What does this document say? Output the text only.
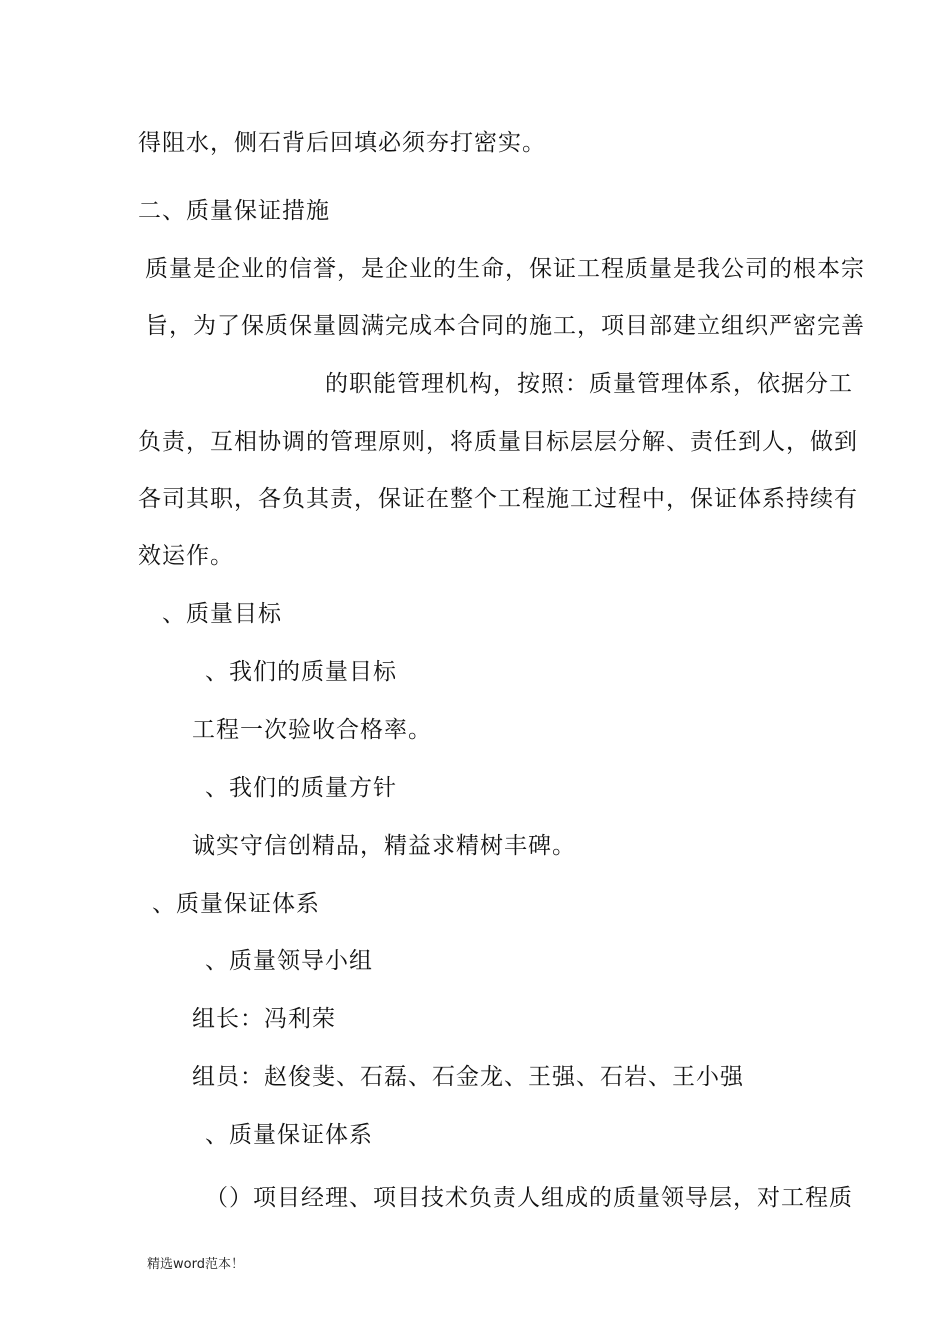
得阻水，侧石背后回填必须夯打密实。
二、质量保证措施
质量是企业的信誉，是企业的生命，保证工程质量是我公司的根本宗
旨，为了保质保量圆满完成本合同的施工，项目部建立组织严密完善
的职能管理机构，按照：质量管理体系，依据分工
负责，互相协调的管理原则，将质量目标层层分解、责任到人，做到
各司其职，各负其责，保证在整个工程施工过程中，保证体系持续有
效运作。
、质量目标
、我们的质量目标
工程一次验收合格率。
、我们的质量方针
诚实守信创精品，精益求精树丰碑。
、质量保证体系
、质量领导小组
组长：冯利荣
组员：赵俊斐、石磊、石金龙、王强、石岩、王小强
、质量保证体系
（）项目经理、项目技术负责人组成的质量领导层，对工程质
精选word范本！
